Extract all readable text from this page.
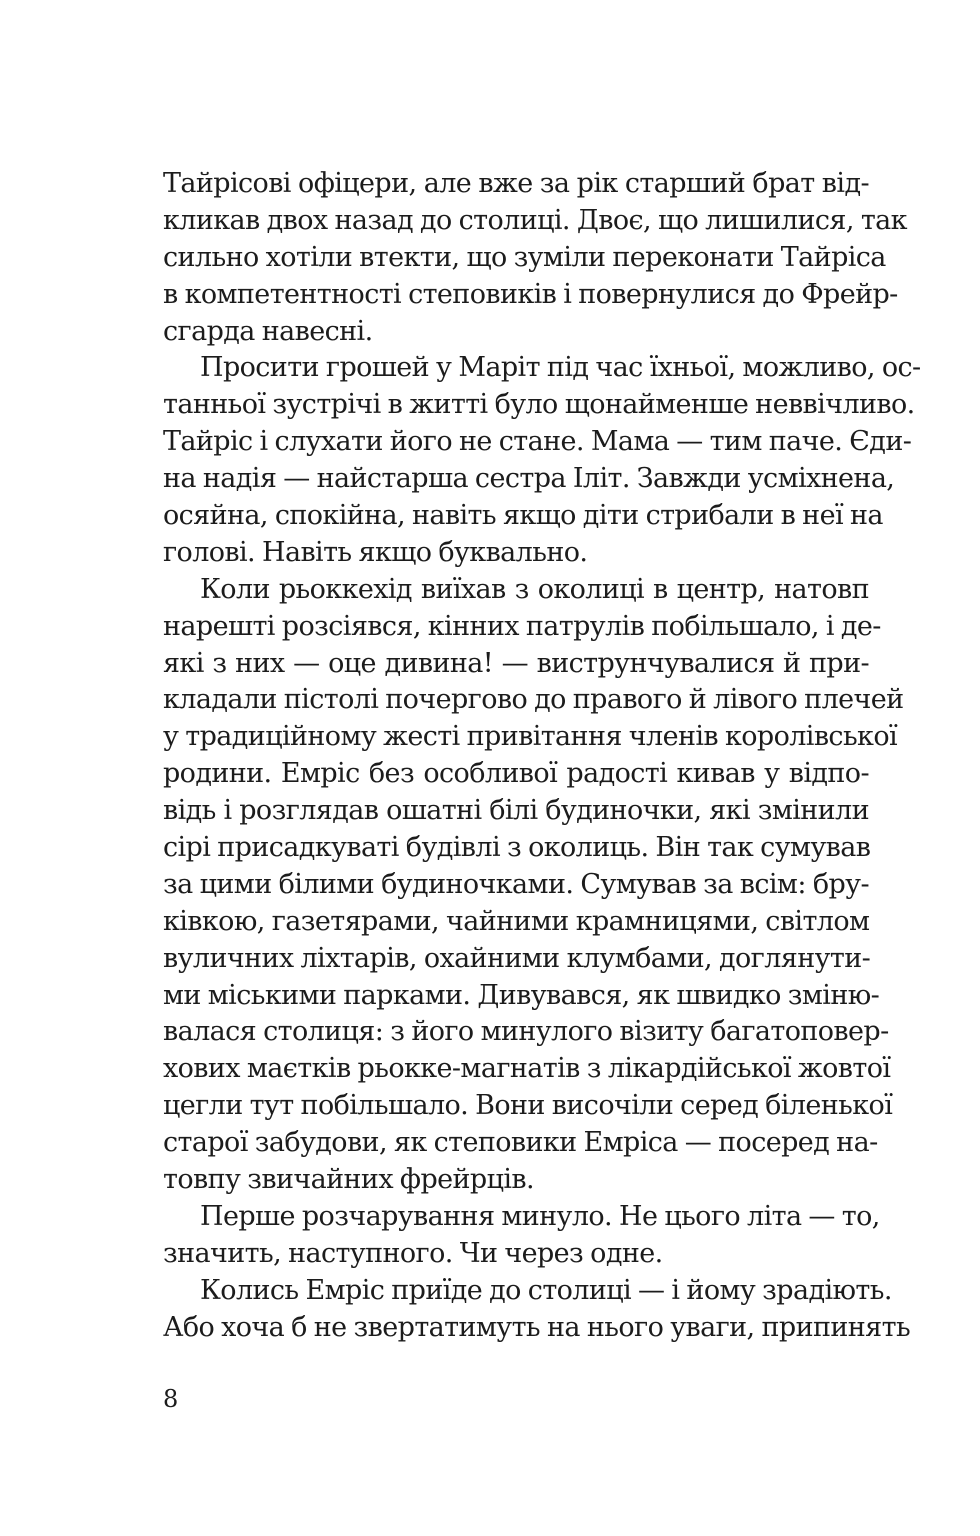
Тайрісові офіцери, але вже за рік старший брат від-
кликав двох назад до столиці. Двоє, що лишилися, так
сильно хотіли втекти, що зуміли переконати Тайріса
в компетентності степовиків і повернулися до Фрейр-
сгарда навесні.
Просити грошей у Маріт під час їхньої, можливо, ос-
танньої зустрічі в житті було щонайменше неввічливо.
Тайріс і слухати його не стане. Мама — тим паче. Єди-
на надія — найстарша сестра Іліт. Завжди усміхнена,
осяйна, спокійна, навіть якщо діти стрибали в неї на
голові. Навіть якщо буквально.
Коли рьоккехід виїхав з околиці в центр, натовп
нарешті розсіявся, кінних патрулів побільшало, і де-
які з них — оце дивина! — виструнчувалися й при-
кладали пістолі почергово до правого й лівого плечей
у традиційному жесті привітання членів королівської
родини. Емріс без особливої радості кивав у відпо-
відь і розглядав ошатні білі будиночки, які змінили
сірі присадкуваті будівлі з околиць. Він так сумував
за цими білими будиночками. Сумував за всім: бру-
ківкою, газетярами, чайними крамницями, світлом
вуличних ліхтарів, охайними клумбами, доглянути-
ми міськими парками. Дивувався, як швидко зміню-
валася столиця: з його минулого візиту багатоповер-
хових маєтків рьокке-магнатів з лікардійської жовтої
цегли тут побільшало. Вони височіли серед біленької
старої забудови, як степовики Емріса — посеред на-
товпу звичайних фрейрців.
Перше розчарування минуло. Не цього літа — то,
значить, наступного. Чи через одне.
Колись Емріс приїде до столиці — і йому зрадіють.
Або хоча б не звертатимуть на нього уваги, припинять
8
